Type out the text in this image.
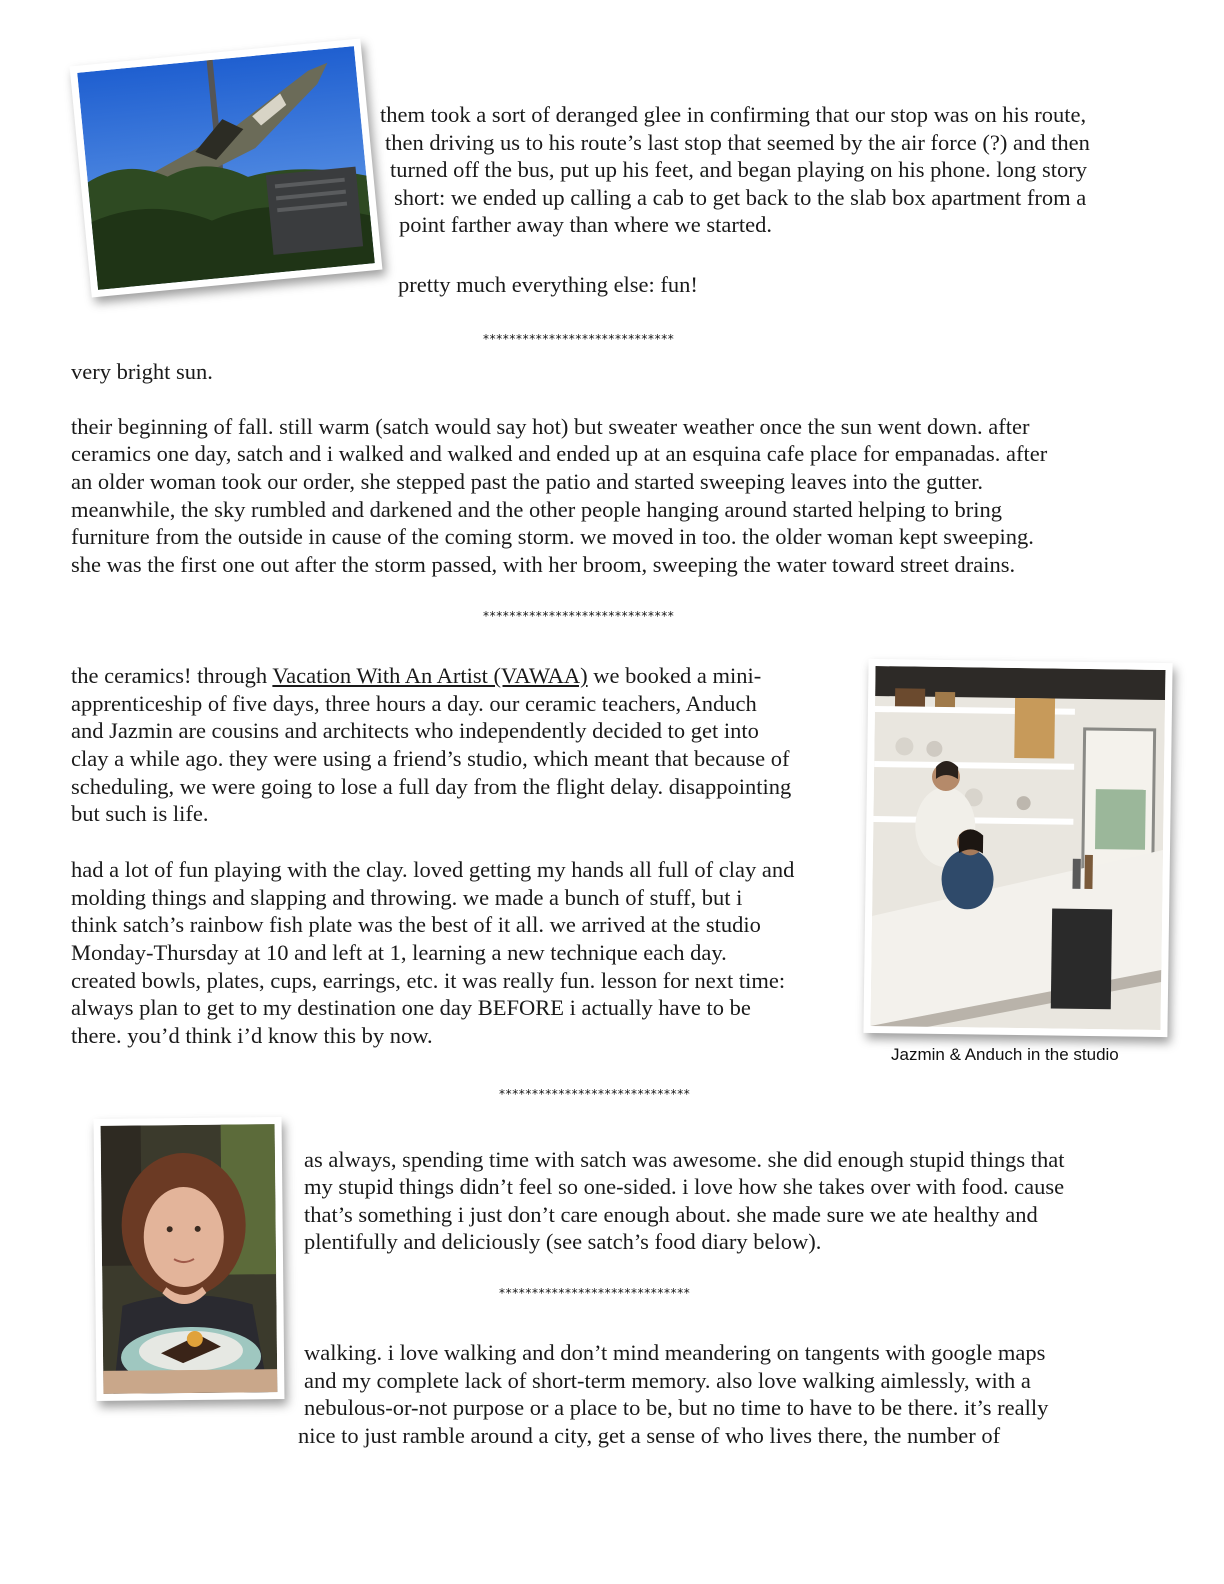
them took a sort of deranged glee in confirming that our stop was on his route,
then driving us to his route’s last stop that seemed by the air force (?) and then
turned off the bus, put up his feet, and began playing on his phone. long story
short: we ended up calling a cab to get back to the slab box apartment from a
point farther away than where we started.
pretty much everything else: fun!
*****************************
very bright sun.
their beginning of fall. still warm (satch would say hot) but sweater weather once the sun went down. after
ceramics one day, satch and i walked and walked and ended up at an esquina cafe place for empanadas. after
an older woman took our order, she stepped past the patio and started sweeping leaves into the gutter.
meanwhile, the sky rumbled and darkened and the other people hanging around started helping to bring
furniture from the outside in cause of the coming storm. we moved in too. the older woman kept sweeping.
she was the first one out after the storm passed, with her broom, sweeping the water toward street drains.
*****************************
the ceramics! through Vacation With An Artist (VAWAA) we booked a mini-
apprenticeship of five days, three hours a day. our ceramic teachers, Anduch
and Jazmin are cousins and architects who independently decided to get into
clay a while ago. they were using a friend’s studio, which meant that because of
scheduling, we were going to lose a full day from the flight delay. disappointing
but such is life.
had a lot of fun playing with the clay. loved getting my hands all full of clay and
molding things and slapping and throwing. we made a bunch of stuff, but i
think satch’s rainbow fish plate was the best of it all. we arrived at the studio
Monday-Thursday at 10 and left at 1, learning a new technique each day.
created bowls, plates, cups, earrings, etc. it was really fun. lesson for next time:
always plan to get to my destination one day BEFORE i actually have to be
there. you’d think i’d know this by now.
Jazmin & Anduch in the studio
*****************************
as always, spending time with satch was awesome. she did enough stupid things that
my stupid things didn’t feel so one-sided. i love how she takes over with food. cause
that’s something i just don’t care enough about. she made sure we ate healthy and
plentifully and deliciously (see satch’s food diary below).
*****************************
walking. i love walking and don’t mind meandering on tangents with google maps
and my complete lack of short-term memory. also love walking aimlessly, with a
nebulous-or-not purpose or a place to be, but no time to have to be there. it’s really
nice to just ramble around a city, get a sense of who lives there, the number of
